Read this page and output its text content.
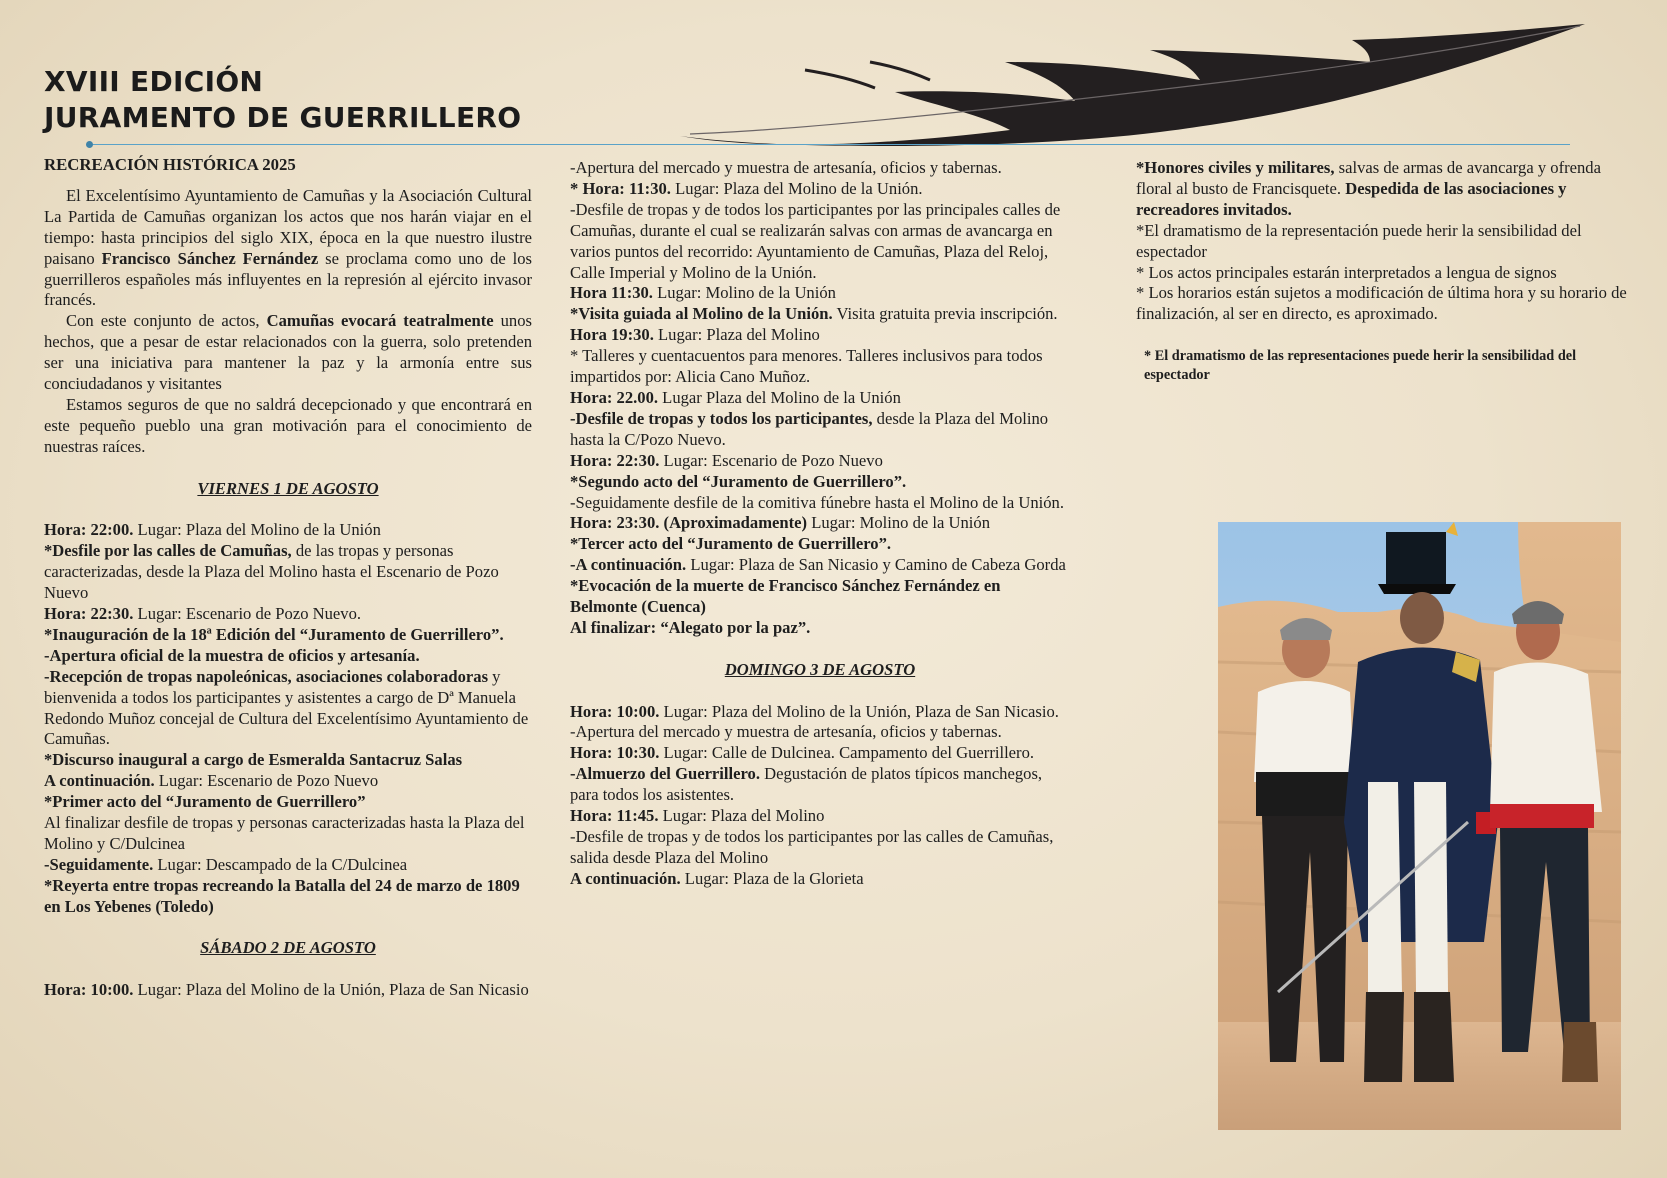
XVIII EDICIÓN
JURAMENTO DE GUERRILLERO

RECREACIÓN HISTÓRICA 2025

El Excelentísimo Ayuntamiento de Camuñas y la Asociación Cultural La Partida de Camuñas organizan los actos que nos harán viajar en el tiempo: hasta principios del siglo XIX, época en la que nuestro ilustre paisano Francisco Sánchez Fernández se proclama como uno de los guerrilleros españoles más influyentes en la represión al ejército invasor francés.

Con este conjunto de actos, Camuñas evocará teatralmente unos hechos, que a pesar de estar relacionados con la guerra, solo pretenden ser una iniciativa para mantener la paz y la armonía entre sus conciudadanos y visitantes

Estamos seguros de que no saldrá decepcionado y que encontrará en este pequeño pueblo una gran motivación para el conocimiento de nuestras raíces.

VIERNES 1 DE AGOSTO

Hora: 22:00. Lugar: Plaza del Molino de la Unión

*Desfile por las calles de Camuñas, de las tropas y personas caracterizadas, desde la Plaza del Molino hasta el Escenario de Pozo Nuevo

Hora: 22:30. Lugar: Escenario de Pozo Nuevo.

*Inauguración de la 18ª Edición del “Juramento de Guerrillero”.

-Apertura oficial de la muestra de oficios y artesanía.

-Recepción de tropas napoleónicas, asociaciones colaboradoras y bienvenida a todos los participantes y asistentes a cargo de Dª Manuela Redondo Muñoz concejal de Cultura del Excelentísimo Ayuntamiento de Camuñas.

*Discurso inaugural a cargo de Esmeralda Santacruz Salas

A continuación. Lugar: Escenario de Pozo Nuevo

*Primer acto del “Juramento de Guerrillero”

Al finalizar desfile de tropas y personas caracterizadas hasta la Plaza del Molino y C/Dulcinea

-Seguidamente. Lugar: Descampado de la C/Dulcinea

*Reyerta entre tropas recreando la Batalla del 24 de marzo de 1809 en Los Yebenes (Toledo)

SÁBADO 2 DE AGOSTO

Hora: 10:00. Lugar: Plaza del Molino de la Unión, Plaza de San Nicasio

-Apertura del mercado y muestra de artesanía, oficios y tabernas.

* Hora: 11:30. Lugar: Plaza del Molino de la Unión.

-Desfile de tropas y de todos los participantes por las principales calles de Camuñas, durante el cual se realizarán salvas con armas de avancarga en varios puntos del recorrido: Ayuntamiento de Camuñas, Plaza del Reloj, Calle Imperial y Molino de la Unión.

Hora 11:30. Lugar: Molino de la Unión

*Visita guiada al Molino de la Unión. Visita gratuita previa inscripción.

Hora 19:30. Lugar: Plaza del Molino

* Talleres y cuentacuentos para menores. Talleres inclusivos para todos impartidos por: Alicia Cano Muñoz.

Hora: 22.00. Lugar Plaza del Molino de la Unión

-Desfile de tropas y todos los participantes, desde la Plaza del Molino hasta la C/Pozo Nuevo.

Hora: 22:30. Lugar: Escenario de Pozo Nuevo

*Segundo acto del “Juramento de Guerrillero”.

-Seguidamente desfile de la comitiva fúnebre hasta el Molino de la Unión.

Hora: 23:30. (Aproximadamente) Lugar: Molino de la Unión

*Tercer acto del “Juramento de Guerrillero”.

-A continuación. Lugar: Plaza de San Nicasio y Camino de Cabeza Gorda

*Evocación de la muerte de Francisco Sánchez Fernández en Belmonte (Cuenca)

Al finalizar: “Alegato por la paz”.

DOMINGO 3 DE AGOSTO

Hora: 10:00. Lugar: Plaza del Molino de la Unión, Plaza de San Nicasio.

-Apertura del mercado y muestra de artesanía, oficios y tabernas.

Hora: 10:30. Lugar: Calle de Dulcinea. Campamento del Guerrillero.

-Almuerzo del Guerrillero. Degustación de platos típicos manchegos, para todos los asistentes.

Hora: 11:45. Lugar: Plaza del Molino

-Desfile de tropas y de todos los participantes por las calles de Camuñas, salida desde Plaza del Molino

A continuación. Lugar: Plaza de la Glorieta

*Honores civiles y militares, salvas de armas de avancarga y ofrenda floral al busto de Francisquete. Despedida de las asociaciones y recreadores invitados.

*El dramatismo de la representación puede herir la sensibilidad del espectador

* Los actos principales estarán interpretados a lengua de signos

* Los horarios están sujetos a modificación de última hora y su horario de finalización, al ser en directo, es aproximado.

* El dramatismo de las representaciones puede herir la sensibilidad del espectador
